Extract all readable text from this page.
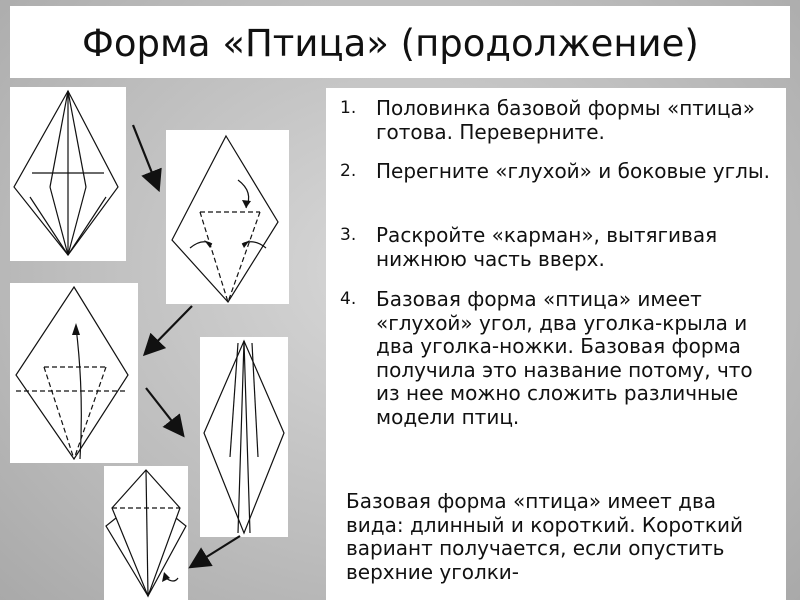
Форма «Птица» (продолжение)
1. Половинка базовой формы «птица» готова. Переверните.
2. Перегните «глухой» и боковые углы.
3. Раскройте «карман», вытягивая нижнюю часть вверх.
4. Базовая форма «птица» имеет «глухой» угол, два уголка-крыла и два уголка-ножки. Базовая форма получила это название потому, что из нее можно сложить различные модели птиц.

Базовая форма «птица» имеет два вида: длинный и короткий. Короткий вариант получается, если опустить верхние уголки-
